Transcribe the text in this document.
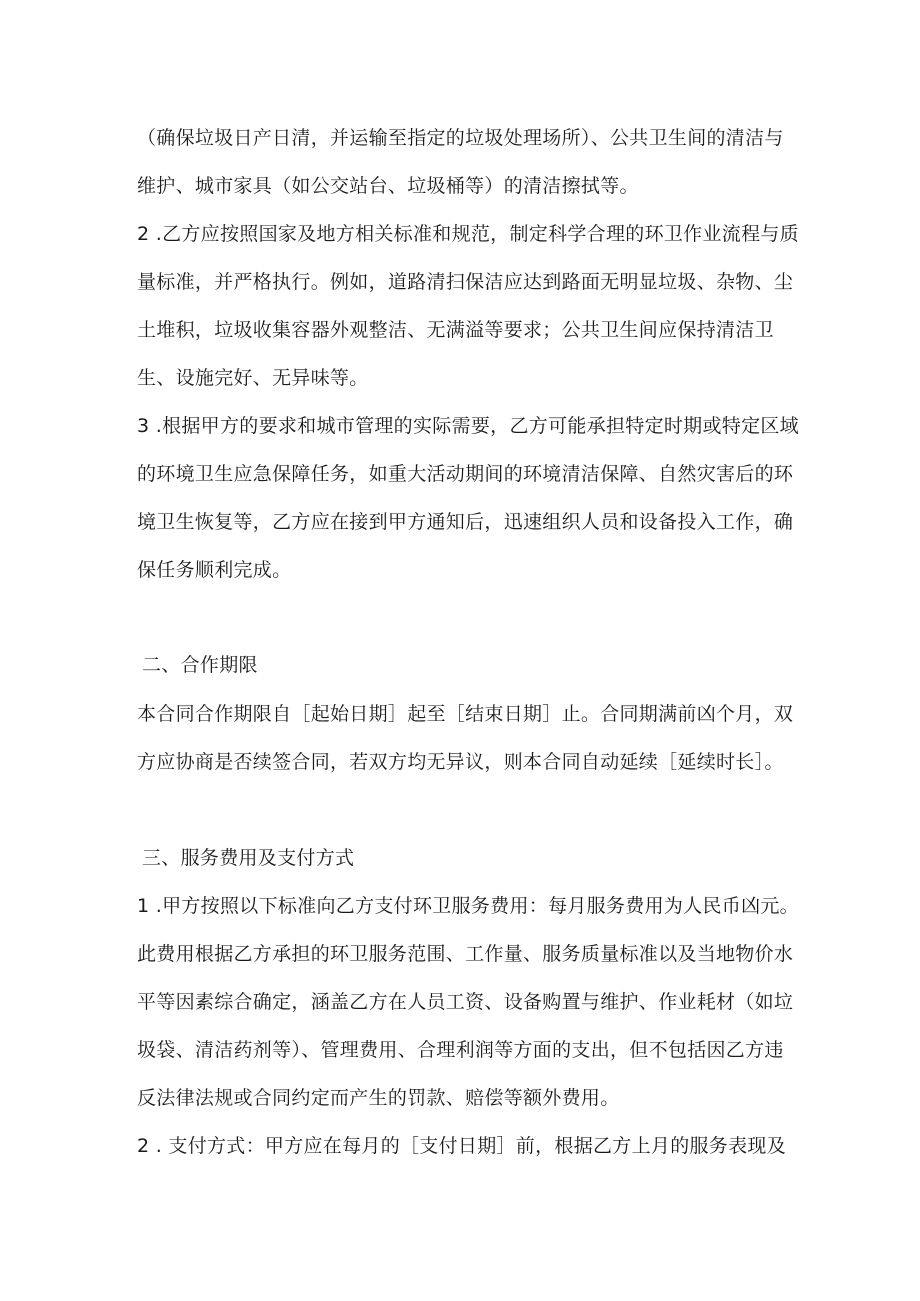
（确保垃圾日产日清，并运输至指定的垃圾处理场所）、公共卫生间的清洁与
维护、城市家具（如公交站台、垃圾桶等）的清洁擦拭等。
2 .乙方应按照国家及地方相关标准和规范，制定科学合理的环卫作业流程与质
量标准，并严格执行。例如，道路清扫保洁应达到路面无明显垃圾、杂物、尘
土堆积，垃圾收集容器外观整洁、无满溢等要求；公共卫生间应保持清洁卫
生、设施完好、无异味等。
3 .根据甲方的要求和城市管理的实际需要，乙方可能承担特定时期或特定区域
的环境卫生应急保障任务，如重大活动期间的环境清洁保障、自然灾害后的环
境卫生恢复等，乙方应在接到甲方通知后，迅速组织人员和设备投入工作，确
保任务顺利完成。
二、合作期限
本合同合作期限自［起始日期］起至［结束日期］止。合同期满前凶个月，双
方应协商是否续签合同，若双方均无异议，则本合同自动延续［延续时长］。
三、服务费用及支付方式
1 .甲方按照以下标准向乙方支付环卫服务费用：每月服务费用为人民币凶元。
此费用根据乙方承担的环卫服务范围、工作量、服务质量标准以及当地物价水
平等因素综合确定，涵盖乙方在人员工资、设备购置与维护、作业耗材（如垃
圾袋、清洁药剂等）、管理费用、合理利润等方面的支出，但不包括因乙方违
反法律法规或合同约定而产生的罚款、赔偿等额外费用。
2 . 支付方式：甲方应在每月的［支付日期］前，根据乙方上月的服务表现及
